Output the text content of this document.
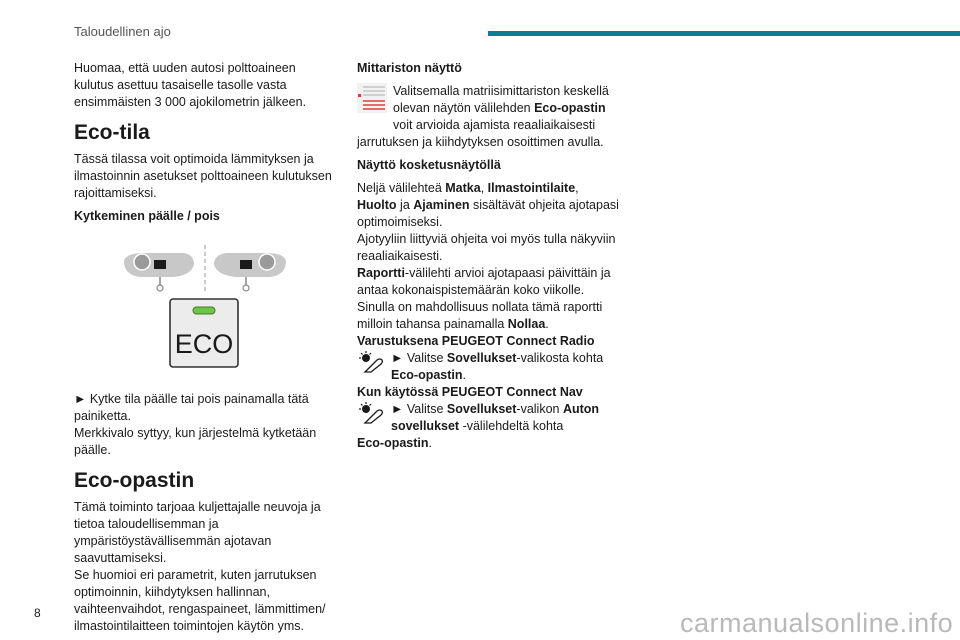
Taloudellinen ajo

Huomaa, että uuden autosi polttoaineen kulutus asettuu tasaiselle tasolle vasta ensimmäisten 3 000 ajokilometrin jälkeen.

Eco-tila

Tässä tilassa voit optimoida lämmityksen ja ilmastoinnin asetukset polttoaineen kulutuksen rajoittamiseksi.

Kytkeminen päälle / pois
ECO

► Kytke tila päälle tai pois painamalla tätä painiketta.

Merkkivalo syttyy, kun järjestelmä kytketään päälle.

Eco-opastin

Tämä toiminto tarjoaa kuljettajalle neuvoja ja tietoa taloudellisemman ja ympäristöystävällisemmän ajotavan saavuttamiseksi.

Se huomioi eri parametrit, kuten jarrutuksen optimoinnin, kiihdytyksen hallinnan, vaihteenvaihdot, rengaspaineet, lämmittimen/ ilmastointilaitteen toimintojen käytön yms.

Mittariston näyttö

Valitsemalla matriisimittariston keskellä olevan näytön välilehden Eco-opastin voit arvioida ajamista reaaliaikaisesti jarrutuksen ja kiihdytyksen osoittimen avulla.

Näyttö kosketusnäytöllä

Neljä välilehteä Matka, Ilmastointilaite,
Huolto ja Ajaminen sisältävät ohjeita ajotapasi optimoimiseksi.

Ajotyyliin liittyviä ohjeita voi myös tulla näkyviin reaaliaikaisesti.

Raportti-välilehti arvioi ajotapaasi päivittäin ja antaa kokonaispistemäärän koko viikolle.

Sinulla on mahdollisuus nollata tämä raportti milloin tahansa painamalla Nollaa.

Varustuksena PEUGEOT Connect Radio

► Valitse Sovellukset-valikosta kohta Eco-opastin.

Kun käytössä PEUGEOT Connect Nav

► Valitse Sovellukset-valikon Auton sovellukset -välilehdeltä kohta

Eco-opastin.

8	carmanualsonline.info
